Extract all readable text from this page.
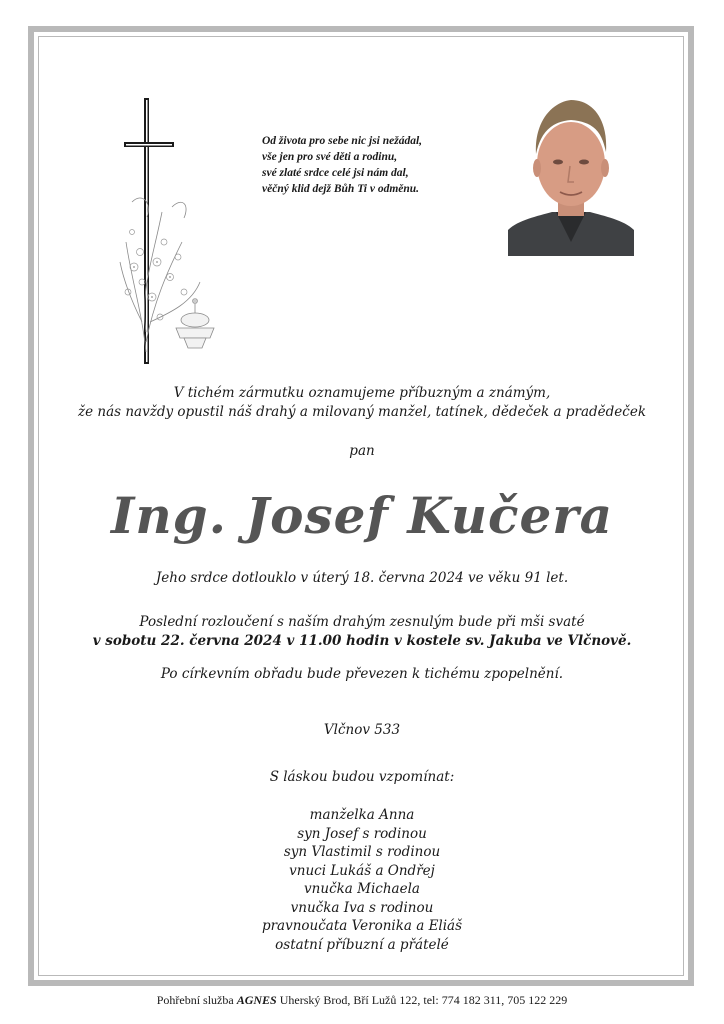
Od života pro sebe nic jsi nežádal,
vše jen pro své děti a rodinu,
své zlaté srdce celé jsi nám dal,
věčný klid dejž Bůh Ti v odměnu.
V tichém zármutku oznamujeme příbuzným a známým,
že nás navždy opustil náš drahý a milovaný manžel, tatínek, dědeček a pradědeček
pan
Ing. Josef Kučera
Jeho srdce dotlouklo v úterý 18. června 2024 ve věku 91 let.
Poslední rozloučení s naším drahým zesnulým bude při mši svaté
v sobotu 22. června 2024 v 11.00 hodin v kostele sv. Jakuba ve Vlčnově.
Po církevním obřadu bude převezen k tichému zpopelnění.
Vlčnov 533
S láskou budou vzpomínat:
manželka Anna
syn Josef s rodinou
syn Vlastimil s rodinou
vnuci Lukáš a Ondřej
vnučka Michaela
vnučka Iva s rodinou
pravnoučata Veronika a Eliáš
ostatní příbuzní a přátelé
Pohřební služba AGNES Uherský Brod, Bří Lužů 122, tel: 774 182 311, 705 122 229
